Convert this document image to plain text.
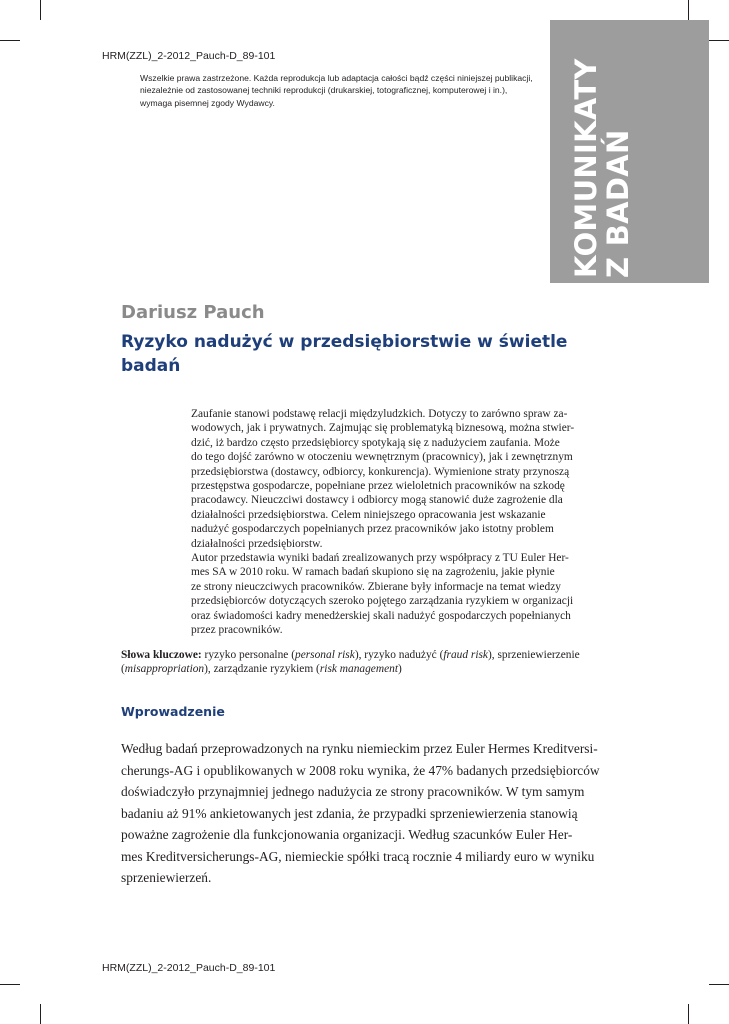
HRM(ZZL)_2-2012_Pauch-D_89-101
Wszelkie prawa zastrzeżone. Każda reprodukcja lub adaptacja całości bądź części niniejszej publikacji,
niezależnie od zastosowanej techniki reprodukcji (drukarskiej, totograficznej, komputerowej i in.),
wymaga pisemnej zgody Wydawcy.	KOMUNIKATY
Z BADAŃ
Dariusz Pauch
Ryzyko nadużyć w przedsiębiorstwie w świetle
badań
Zaufanie stanowi podstawę relacji międzyludzkich. Dotyczy to zarówno spraw za-
wodowych, jak i prywatnych. Zajmując się problematyką biznesową, można stwier-
dzić, iż bardzo często przedsiębiorcy spotykają się z nadużyciem zaufania. Może
do tego dojść zarówno w otoczeniu wewnętrznym (pracownicy), jak i zewnętrznym
przedsiębiorstwa (dostawcy, odbiorcy, konkurencja). Wymienione straty przynoszą
przestępstwa gospodarcze, popełniane przez wieloletnich pracowników na szkodę
pracodawcy. Nieuczciwi dostawcy i odbiorcy mogą stanowić duże zagrożenie dla
działalności przedsiębiorstwa. Celem niniejszego opracowania jest wskazanie
nadużyć gospodarczych popełnianych przez pracowników jako istotny problem
działalności przedsiębiorstw.
Autor przedstawia wyniki badań zrealizowanych przy współpracy z TU Euler Her-
mes SA w 2010 roku. W ramach badań skupiono się na zagrożeniu, jakie płynie
ze strony nieuczciwych pracowników. Zbierane były informacje na temat wiedzy
przedsiębiorców dotyczących szeroko pojętego zarządzania ryzykiem w organizacji
oraz świadomości kadry menedżerskiej skali nadużyć gospodarczych popełnianych
przez pracowników.
Słowa kluczowe: ryzyko personalne (personal risk), ryzyko nadużyć (fraud risk), sprzeniewierzenie
(misappropriation), zarządzanie ryzykiem (risk management)
Wprowadzenie
Według badań przeprowadzonych na rynku niemieckim przez Euler Hermes Kreditversi-
cherungs-AG i opublikowanych w 2008 roku wynika, że 47% badanych przedsiębiorców
doświadczyło przynajmniej jednego nadużycia ze strony pracowników. W tym samym
badaniu aż 91% ankietowanych jest zdania, że przypadki sprzeniewierzenia stanowią
poważne zagrożenie dla funkcjonowania organizacji. Według szacunków Euler Her-
mes Kreditversicherungs-AG, niemieckie spółki tracą rocznie 4 miliardy euro w wyniku
sprzeniewierzeń.
HRM(ZZL)_2-2012_Pauch-D_89-101
